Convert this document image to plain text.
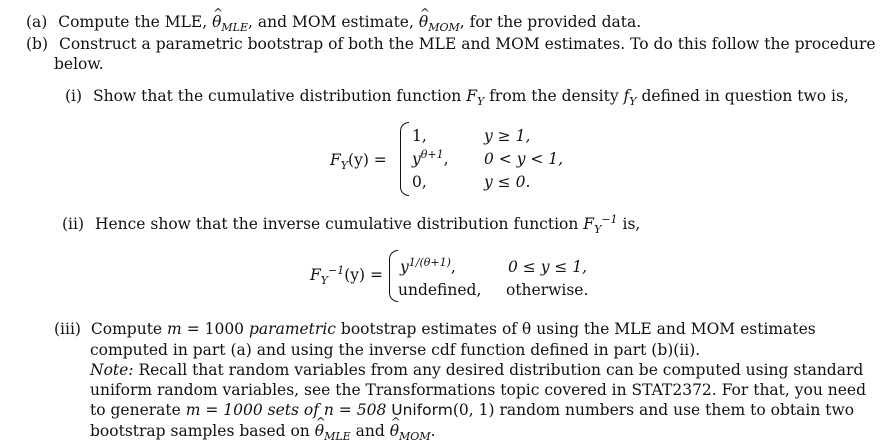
(a) Compute the MLE, ^ $\theta_{MLE}$, and MOM estimate, ^ $\theta_{MOM}$, for the provided data.
(b) Construct a parametric bootstrap of both the MLE and MOM estimates. To do this follow the procedure
below.
(i) Show that the cumulative distribution function $F_Y$ from the density $f_Y$ defined in question two is,
$F_Y(y)$ =
1,	y ≥ 1,
$y^{\theta+1}$, 0 < y < 1,
0,	y ≤ 0.
(ii) Hence show that the inverse cumulative distribution function $F_Y^{-1}$ is,
$F_Y^{-1}(y) = y^{1/(\theta+1)}$,	0 ≤ y ≤ 1,
undefined, otherwise.
(iii) Compute m = 1000 parametric bootstrap estimates of θ using the MLE and MOM estimates
computed in part (a) and using the inverse cdf function defined in part (b)(ii).
Note: Recall that random variables from any desired distribution can be computed using standard
uniform random variables, see the Transformations topic covered in STAT2372. For that, you need
to generate m = 1000 sets of n = 508 Uniform(0, 1) random numbers and use them to obtain two
bootstrap samples based on ^ $\theta_{MLE}$ and ^ $\theta_{MOM}$.
